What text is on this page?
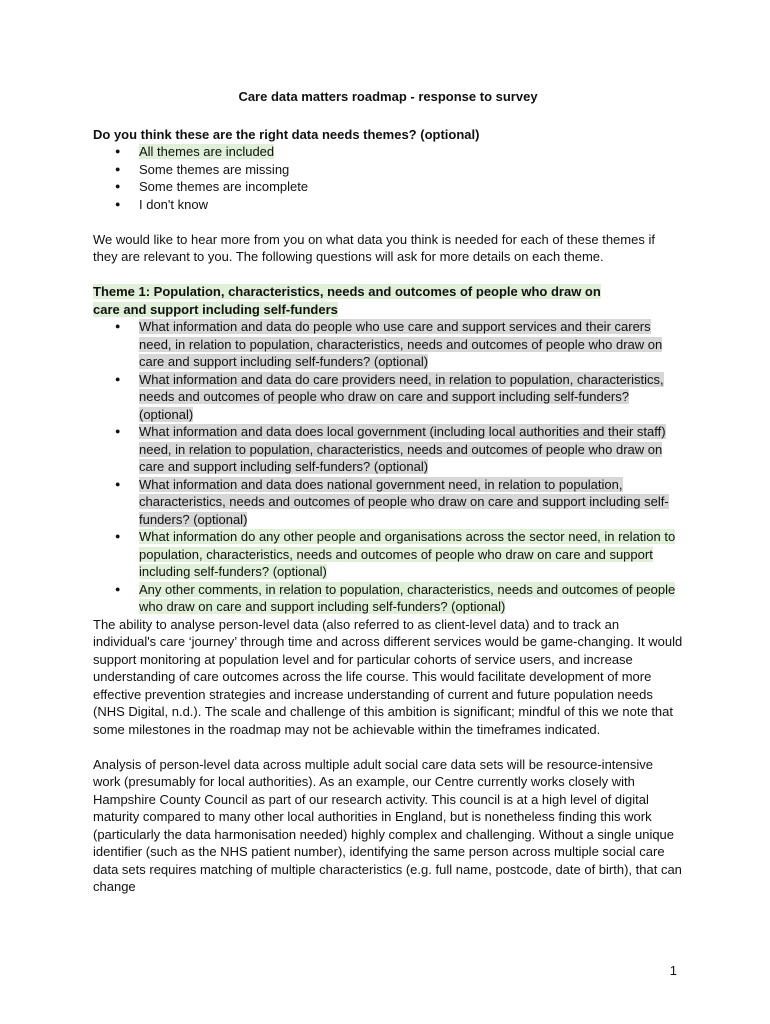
Care data matters roadmap - response to survey

Do you think these are the right data needs themes? (optional)

● All themes are included
● Some themes are missing
● Some themes are incomplete
● I don't know

We would like to hear more from you on what data you think is needed for each of these themes if they are relevant to you. The following questions will ask for more details on each theme.

Theme 1: Population, characteristics, needs and outcomes of people who draw on
care and support including self-funders

● What information and data do people who use care and support services and their carers need, in relation to population, characteristics, needs and outcomes of people who draw on care and support including self-funders? (optional)
● What information and data do care providers need, in relation to population, characteristics, needs and outcomes of people who draw on care and support including self-funders? (optional)
● What information and data does local government (including local authorities and their staff) need, in relation to population, characteristics, needs and outcomes of people who draw on care and support including self-funders? (optional)
● What information and data does national government need, in relation to population, characteristics, needs and outcomes of people who draw on care and support including self-funders? (optional)
● What information do any other people and organisations across the sector need, in relation to population, characteristics, needs and outcomes of people who draw on care and support including self-funders? (optional)
● Any other comments, in relation to population, characteristics, needs and outcomes of people who draw on care and support including self-funders? (optional)

The ability to analyse person-level data (also referred to as client-level data) and to track an individual's care ‘journey’ through time and across different services would be game-changing. It would support monitoring at population level and for particular cohorts of service users, and increase understanding of care outcomes across the life course. This would facilitate development of more effective prevention strategies and increase understanding of current and future population needs (NHS Digital, n.d.). The scale and challenge of this ambition is significant; mindful of this we note that some milestones in the roadmap may not be achievable within the timeframes indicated.

Analysis of person-level data across multiple adult social care data sets will be resource-intensive work (presumably for local authorities). As an example, our Centre currently works closely with Hampshire County Council as part of our research activity. This council is at a high level of digital maturity compared to many other local authorities in England, but is nonetheless finding this work (particularly the data harmonisation needed) highly complex and challenging. Without a single unique identifier (such as the NHS patient number), identifying the same person across multiple social care data sets requires matching of multiple characteristics (e.g. full name, postcode, date of birth), that can change

1
